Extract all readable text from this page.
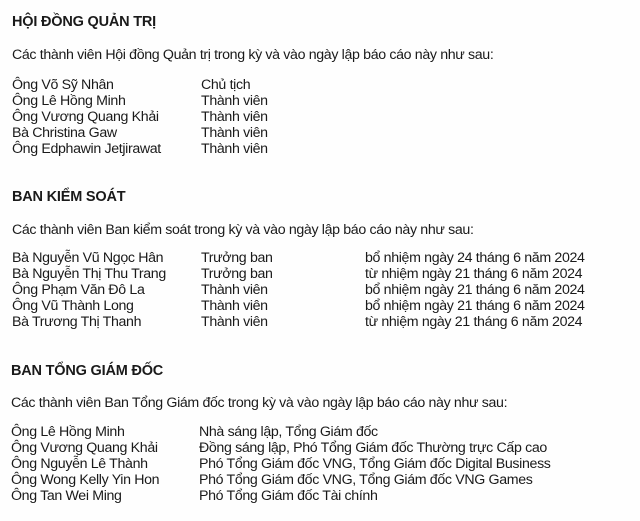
HỘI ĐỒNG QUẢN TRỊ

Các thành viên Hội đồng Quản trị trong kỳ và vào ngày lập báo cáo này như sau:

Ông Võ Sỹ Nhân	Chủ tịch
Ông Lê Hồng Minh	Thành viên
Ông Vương Quang Khải	Thành viên
Bà Christina Gaw	Thành viên
Ông Edphawin Jetjirawat	Thành viên
BAN KIỂM SOÁT

Các thành viên Ban kiểm soát trong kỳ và vào ngày lập báo cáo này như sau:

Bà Nguyễn Vũ Ngọc Hân	Trưởng ban	bổ nhiệm ngày 24 tháng 6 năm 2024
Bà Nguyễn Thị Thu Trang Trưởng ban	từ nhiệm ngày 21 tháng 6 năm 2024
Ông Phạm Văn Đô La	Thành viên	bổ nhiệm ngày 21 tháng 6 năm 2024
Ông Vũ Thành Long	Thành viên	bổ nhiệm ngày 21 tháng 6 năm 2024
Bà Trương Thị Thanh	Thành viên	từ nhiệm ngày 21 tháng 6 năm 2024
BAN TỔNG GIÁM ĐỐC

Các thành viên Ban Tổng Giám đốc trong kỳ và vào ngày lập báo cáo này như sau:

Ông Lê Hồng Minh	Nhà sáng lập, Tổng Giám đốc
Ông Vương Quang Khải	Đồng sáng lập, Phó Tổng Giám đốc Thường trực Cấp cao
Ông Nguyễn Lê Thành	Phó Tổng Giám đốc VNG, Tổng Giám đốc Digital Business
Ông Wong Kelly Yin Hon	Phó Tổng Giám đốc VNG, Tổng Giám đốc VNG Games
Ông Tan Wei Ming	Phó Tổng Giám đốc Tài chính
